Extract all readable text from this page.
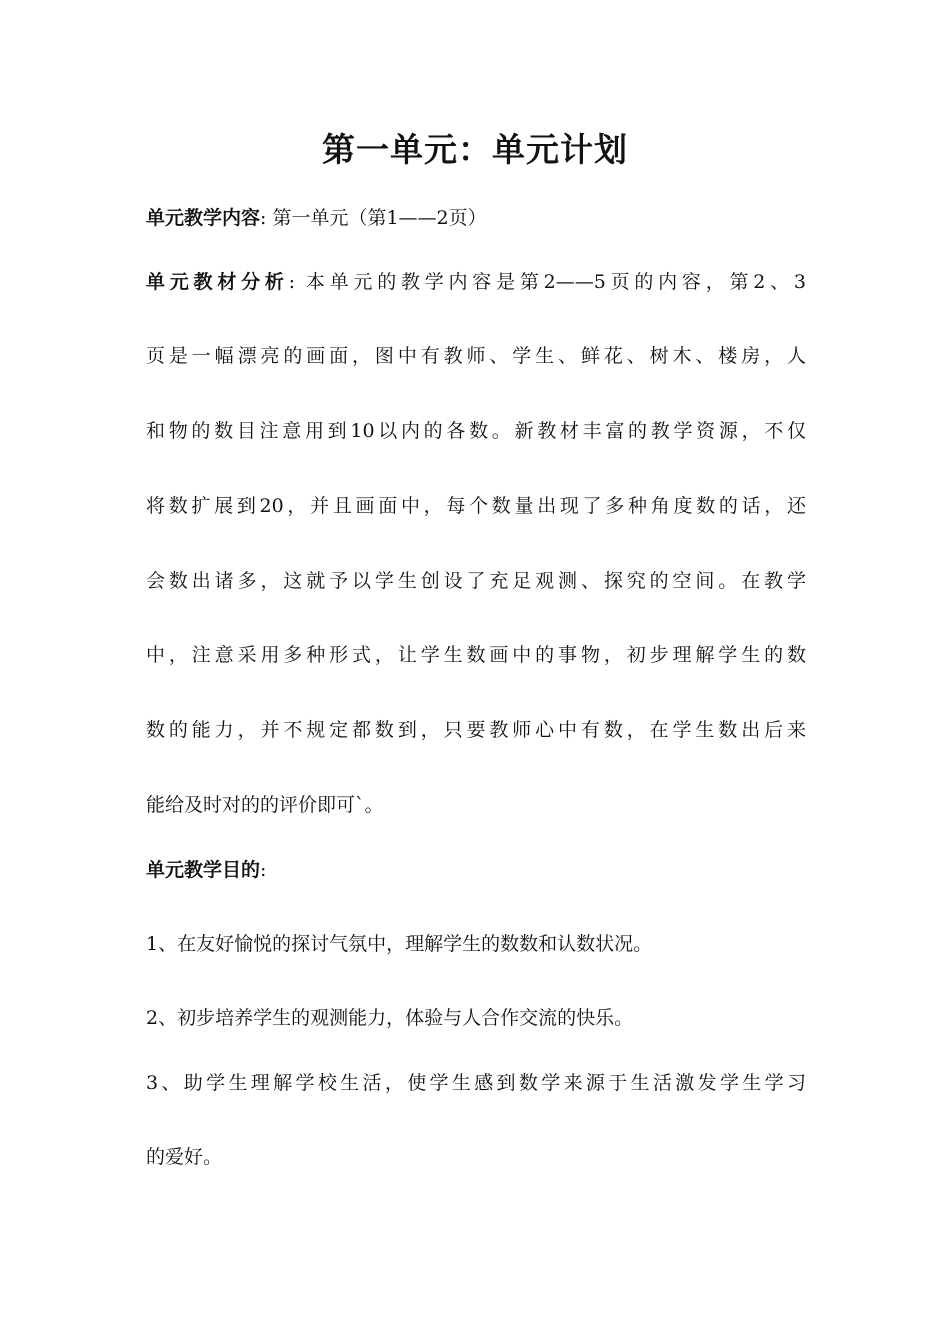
第一单元：单元计划
单元教学内容: 第一单元（第1——2页）
单元教材分析: 本单元的教学内容是第2——5页的内容，第2、3
页是一幅漂亮的画面，图中有教师、学生、鲜花、树木、楼房，人
和物的数目注意用到10以内的各数。新教材丰富的教学资源，不仅
将数扩展到20，并且画面中，每个数量出现了多种角度数的话，还
会数出诸多，这就予以学生创设了充足观测、探究的空间。在教学
中，注意采用多种形式，让学生数画中的事物，初步理解学生的数
数的能力，并不规定都数到，只要教师心中有数，在学生数出后来
能给及时对的的评价即可`。
单元教学目的:
1、在友好愉悦的探讨气氛中，理解学生的数数和认数状况。
2、初步培养学生的观测能力，体验与人合作交流的快乐。
3、助学生理解学校生活，使学生感到数学来源于生活激发学生学习
的爱好。
